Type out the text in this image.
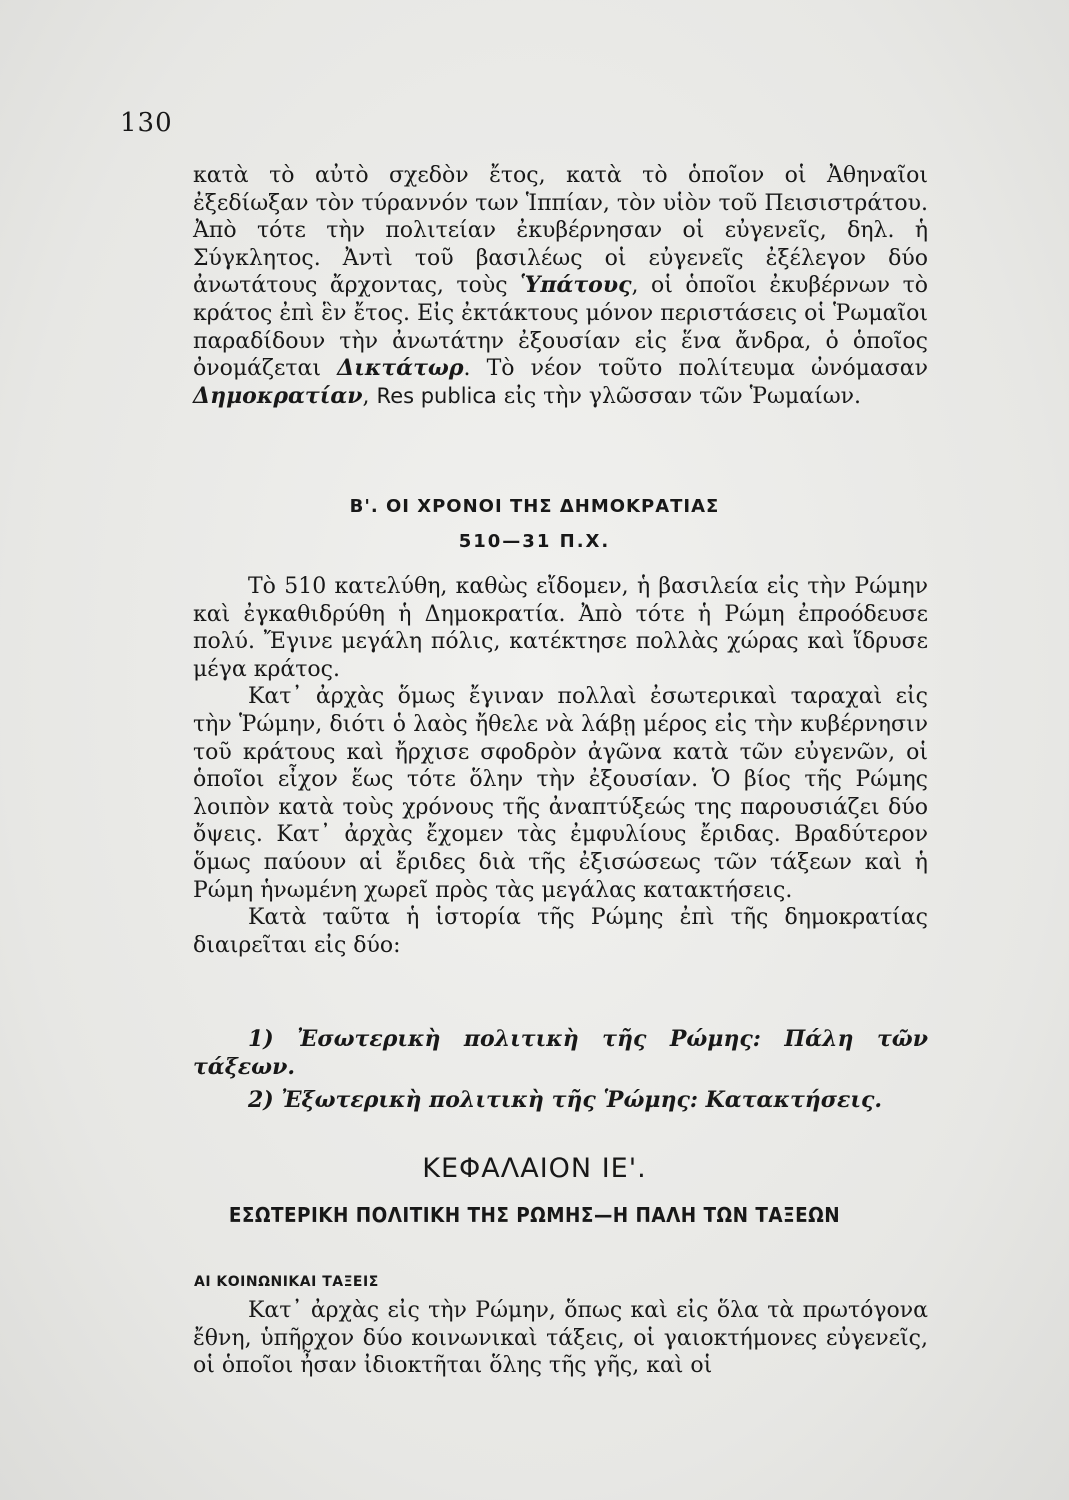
130

κατὰ τὸ αὐτὸ σχεδὸν ἔτος, κατὰ τὸ ὁποῖον οἱ Ἀθηναῖοι ἐξεδίωξαν τὸν τύραννόν των Ἱππίαν, τὸν υἱὸν τοῦ Πεισιστράτου. Ἀπὸ τότε τὴν πολιτείαν ἐκυβέρνησαν οἱ εὐγενεῖς, δηλ. ἡ Σύγκλητος. Ἀντὶ τοῦ βασιλέως οἱ εὐγενεῖς ἐξέλεγον δύο ἀνωτάτους ἄρχοντας, τοὺς Ὑπάτους, οἱ ὁποῖοι ἐκυβέρνων τὸ κράτος ἐπὶ ἓν ἔτος. Εἰς ἐκτάκτους μόνον περιστάσεις οἱ Ῥωμαῖοι παραδίδουν τὴν ἀνωτάτην ἐξουσίαν εἰς ἕνα ἄνδρα, ὁ ὁποῖος ὀνομάζεται Δικτάτωρ. Τὸ νέον τοῦτο πολίτευμα ὠνόμασαν Δημοκρατίαν, Res publica εἰς τὴν γλῶσσαν τῶν Ῥωμαίων.

Β'. ΟΙ ΧΡΟΝΟΙ ΤΗΣ ΔΗΜΟΚΡΑΤΙΑΣ
510—31 Π.Χ.

Τὸ 510 κατελύθη, καθὼς εἴδομεν, ἡ βασιλεία εἰς τὴν Ρώμην καὶ ἐγκαθιδρύθη ἡ Δημοκρατία. Ἀπὸ τότε ἡ Ρώμη ἐπροόδευσε πολύ. Ἔγινε μεγάλη πόλις, κατέκτησε πολλὰς χώρας καὶ ἵδρυσε μέγα κράτος.

Κατ᾽ ἀρχὰς ὅμως ἔγιναν πολλαὶ ἐσωτερικαὶ ταραχαὶ εἰς τὴν Ῥώμην, διότι ὁ λαὸς ἤθελε νὰ λάβῃ μέρος εἰς τὴν κυβέρνησιν τοῦ κράτους καὶ ἤρχισε σφοδρὸν ἀγῶνα κατὰ τῶν εὐγενῶν, οἱ ὁποῖοι εἶχον ἕως τότε ὅλην τὴν ἐξουσίαν. Ὁ βίος τῆς Ρώμης λοιπὸν κατὰ τοὺς χρόνους τῆς ἀναπτύξεώς της παρουσιάζει δύο ὄψεις. Κατ᾽ ἀρχὰς ἔχομεν τὰς ἐμφυλίους ἔριδας. Βραδύτερον ὅμως παύουν αἱ ἔριδες διὰ τῆς ἐξισώσεως τῶν τάξεων καὶ ἡ Ρώμη ἡνωμένη χωρεῖ πρὸς τὰς μεγάλας κατακτήσεις.

Κατὰ ταῦτα ἡ ἱστορία τῆς Ρώμης ἐπὶ τῆς δημοκρατίας διαιρεῖται εἰς δύο:

1) Ἐσωτερικὴ πολιτικὴ τῆς Ρώμης: Πάλη τῶν τάξεων.

2) Ἐξωτερικὴ πολιτικὴ τῆς Ῥώμης: Κατακτήσεις.

ΚΕΦΑΛΑΙΟΝ ΙΕ'.
ΕΣΩΤΕΡΙΚΗ ΠΟΛΙΤΙΚΗ ΤΗΣ ΡΩΜΗΣ—Η ΠΑΛΗ ΤΩΝ ΤΑΞΕΩΝ
ΑΙ ΚΟΙΝΩΝΙΚΑΙ ΤΑΞΕΙΣ

Κατ᾽ ἀρχὰς εἰς τὴν Ρώμην, ὅπως καὶ εἰς ὅλα τὰ πρωτόγονα ἔθνη, ὑπῆρχον δύο κοινωνικαὶ τάξεις, οἱ γαιοκτήμονες εὐγενεῖς, οἱ ὁποῖοι ἦσαν ἰδιοκτῆται ὅλης τῆς γῆς, καὶ οἱ
